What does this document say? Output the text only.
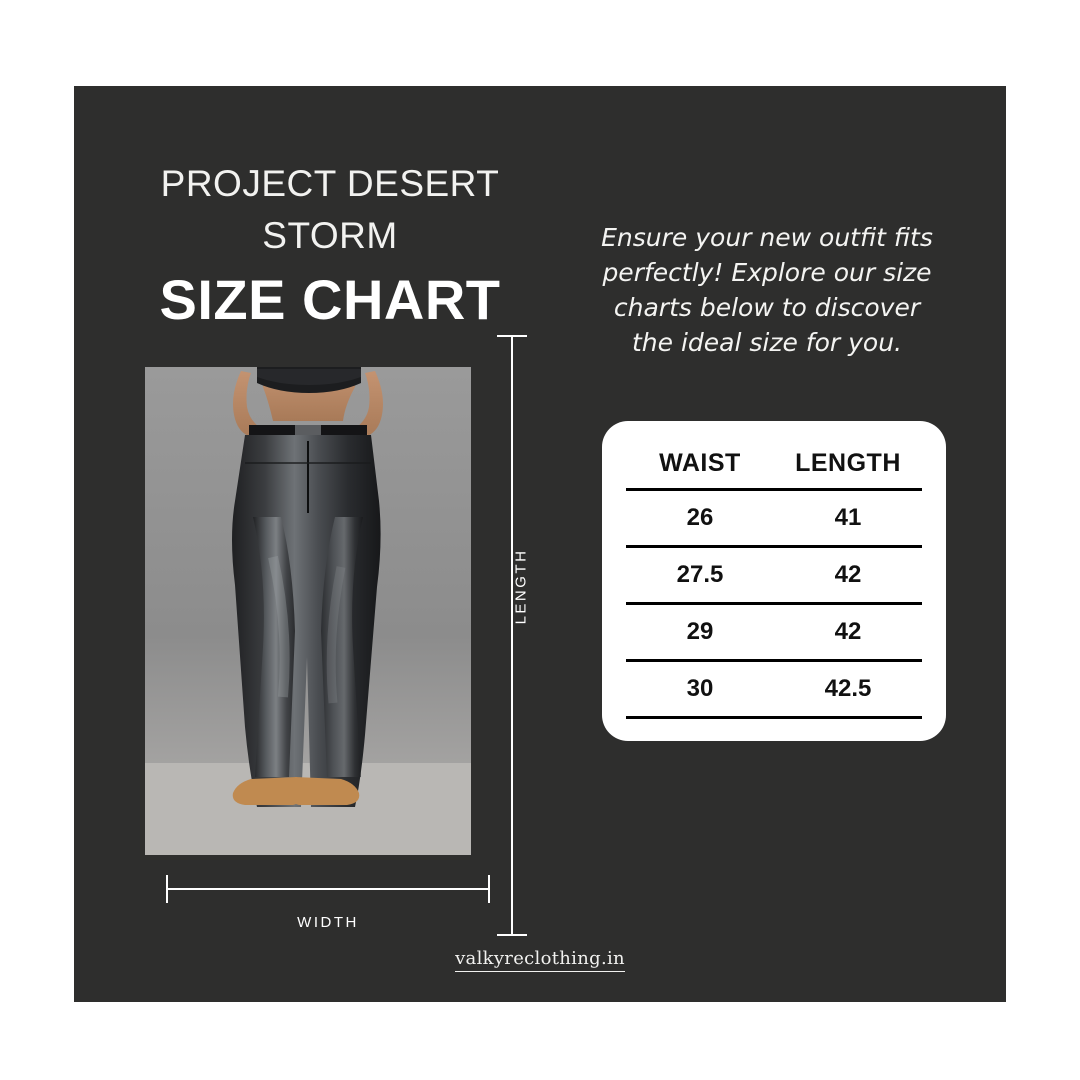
PROJECT DESERT
STORM
SIZE CHART
LENGTH
WIDTH
Ensure your new outfit fits perfectly! Explore our size charts below to discover the ideal size for you.
WAIST	LENGTH
26	41
27.5	42
29	42
30	42.5
valkyreclothing.in
